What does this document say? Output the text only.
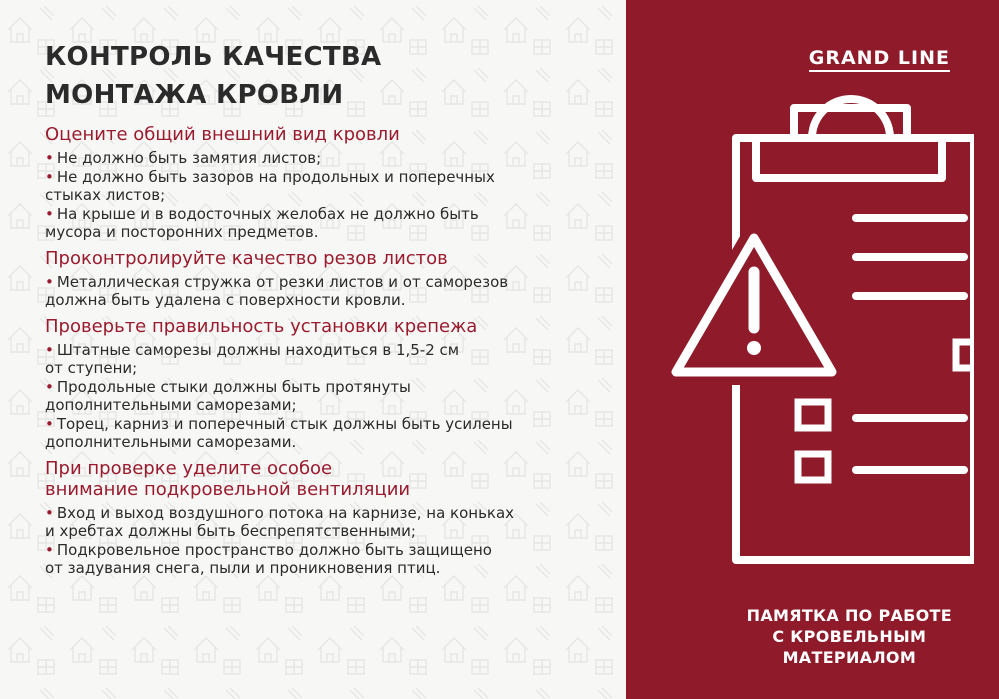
КОНТРОЛЬ КАЧЕСТВА
МОНТАЖА КРОВЛИ
Оцените общий внешний вид кровли
• Не должно быть замятия листов;
• Не должно быть зазоров на продольных и поперечных
стыках листов;
• На крыше и в водосточных желобах не должно быть
мусора и посторонних предметов.
Проконтролируйте качество резов листов
• Металлическая стружка от резки листов и от саморезов
должна быть удалена с поверхности кровли.
Проверьте правильность установки крепежа
• Штатные саморезы должны находиться в 1,5-2 см
от ступени;
• Продольные стыки должны быть протянуты
дополнительными саморезами;
• Торец, карниз и поперечный стык должны быть усилены
дополнительными саморезами.
При проверке уделите особое
внимание подкровельной вентиляции
• Вход и выход воздушного потока на карнизе, на коньках
и хребтах должны быть беспрепятственными;
• Подкровельное пространство должно быть защищено
от задувания снега, пыли и проникновения птиц.
GRAND LINE
ПАМЯТКА ПО РАБОТЕ
С КРОВЕЛЬНЫМ
МАТЕРИАЛОМ
